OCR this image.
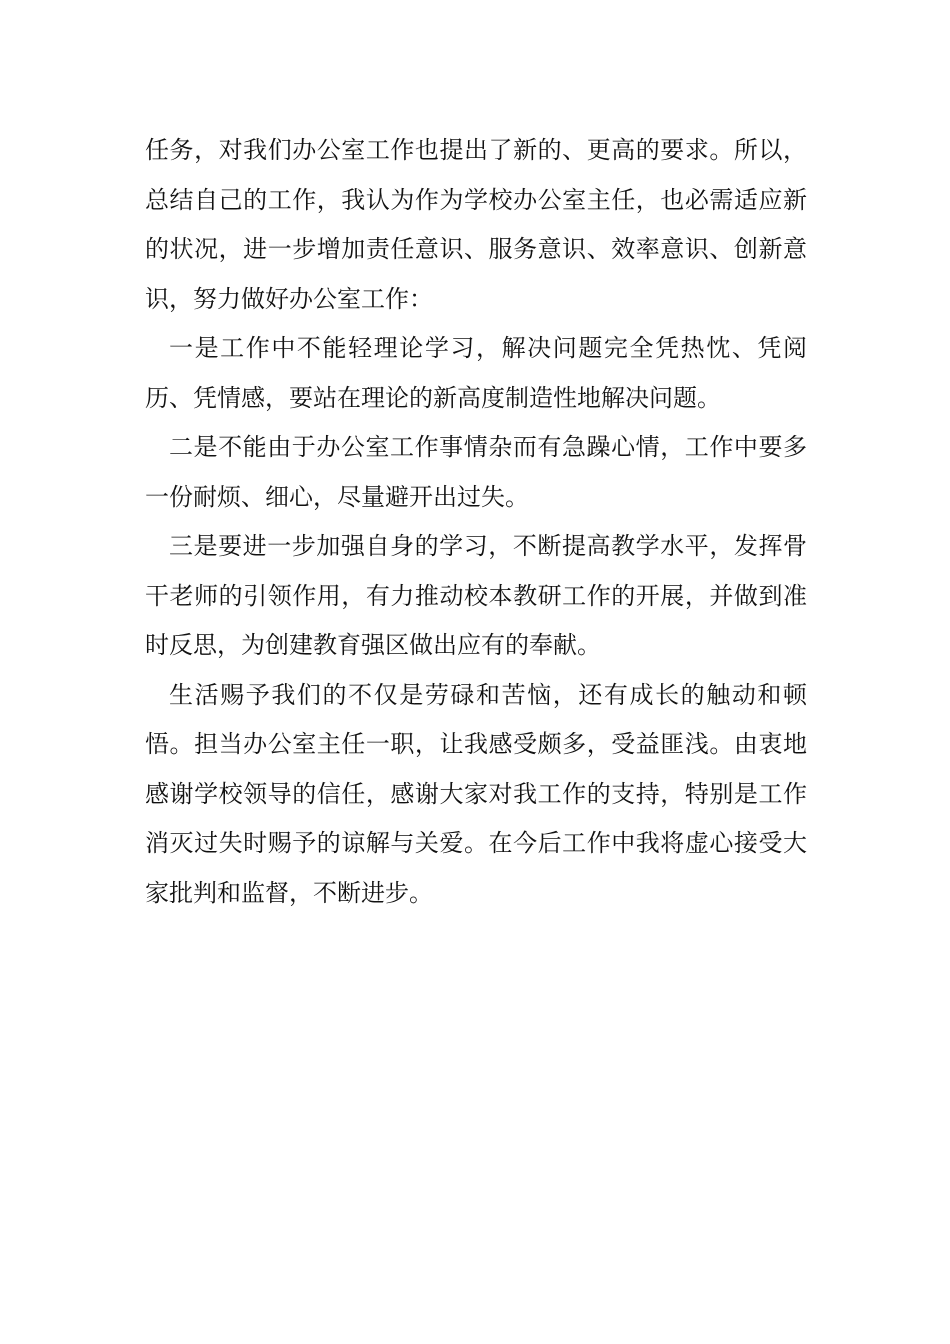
任务，对我们办公室工作也提出了新的、更高的要求。所以，总结自己的工作，我认为作为学校办公室主任，也必需适应新的状况，进一步增加责任意识、服务意识、效率意识、创新意识，努力做好办公室工作：

一是工作中不能轻理论学习，解决问题完全凭热忱、凭阅历、凭情感，要站在理论的新高度制造性地解决问题。

二是不能由于办公室工作事情杂而有急躁心情，工作中要多一份耐烦、细心，尽量避开出过失。

三是要进一步加强自身的学习，不断提高教学水平，发挥骨干老师的引领作用，有力推动校本教研工作的开展，并做到准时反思，为创建教育强区做出应有的奉献。

生活赐予我们的不仅是劳碌和苦恼，还有成长的触动和顿悟。担当办公室主任一职，让我感受颇多，受益匪浅。由衷地感谢学校领导的信任，感谢大家对我工作的支持，特别是工作消灭过失时赐予的谅解与关爱。在今后工作中我将虚心接受大家批判和监督，不断进步。
